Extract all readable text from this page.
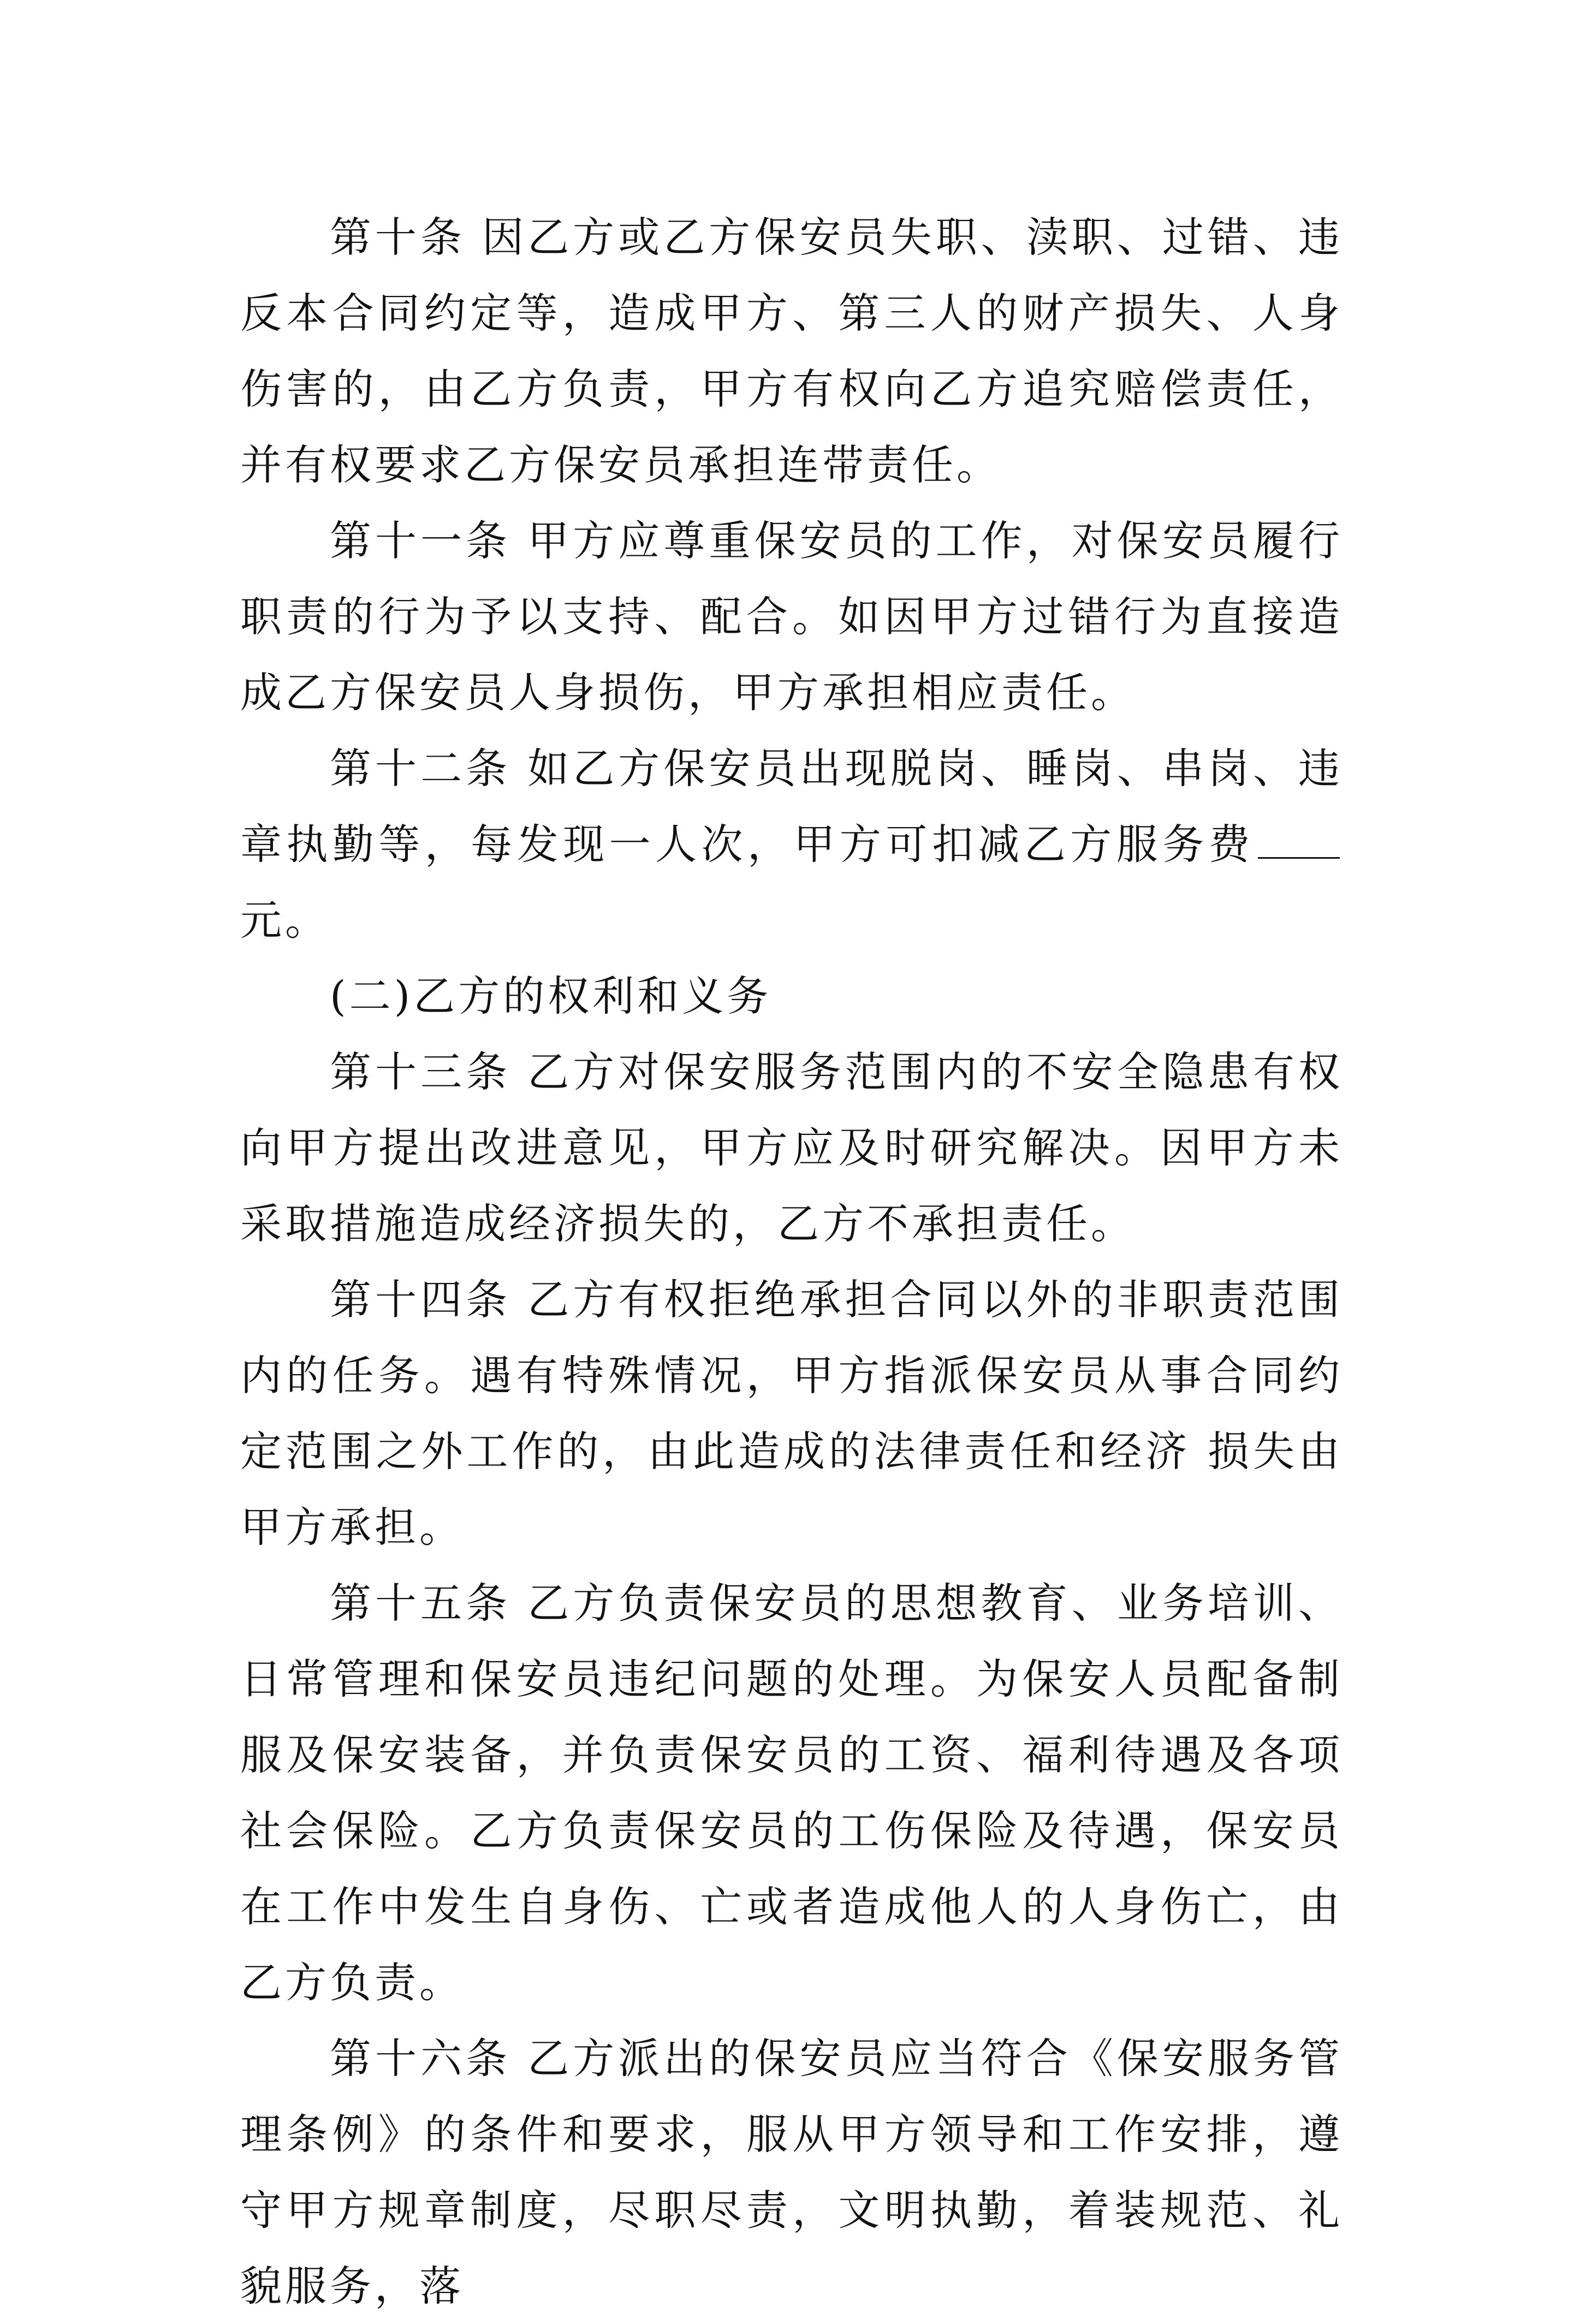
第十条 因乙方或乙方保安员失职、渎职、过错、违反本合同约定等，造成甲方、第三人的财产损失、人身伤害的，由乙方负责，甲方有权向乙方追究赔偿责任，并有权要求乙方保安员承担连带责任。

第十一条 甲方应尊重保安员的工作，对保安员履行职责的行为予以支持、配合。如因甲方过错行为直接造成乙方保安员人身损伤，甲方承担相应责任。

第十二条 如乙方保安员出现脱岗、睡岗、串岗、违章执勤等，每发现一人次，甲方可扣减乙方服务费元。

(二)乙方的权利和义务

第十三条 乙方对保安服务范围内的不安全隐患有权向甲方提出改进意见，甲方应及时研究解决。因甲方未采取措施造成经济损失的，乙方不承担责任。

第十四条 乙方有权拒绝承担合同以外的非职责范围内的任务。遇有特殊情况，甲方指派保安员从事合同约定范围之外工作的，由此造成的法律责任和经济 损失由甲方承担。

第十五条 乙方负责保安员的思想教育、业务培训、日常管理和保安员违纪问题的处理。为保安人员配备制服及保安装备，并负责保安员的工资、福利待遇及各项社会保险。乙方负责保安员的工伤保险及待遇，保安员在工作中发生自身伤、亡或者造成他人的人身伤亡，由乙方负责。

第十六条 乙方派出的保安员应当符合《保安服务管理条例》的条件和要求，服从甲方领导和工作安排，遵守甲方规章制度，尽职尽责，文明执勤，着装规范、礼貌服务，落
